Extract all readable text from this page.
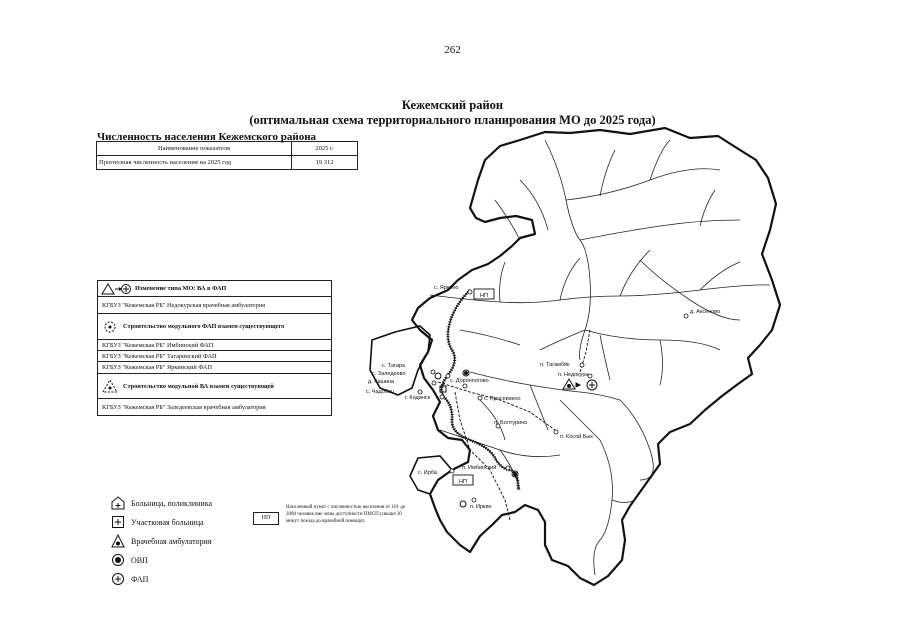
262
Кежемский район
(оптимальная схема территориального планирования МО до 2025 года)
Численность населения Кежемского района
Наименование показателя	2025 г.
Прогнозная численность населения на 2025 год	19 312
Изменение типа МО: ВА в ФАП
КГБУЗ "Кежемская РБ" Недокурская врачебная амбулатория
Строительство модульного ФАП взамен существующего
КГБУЗ "Кежемская РБ" Имбинский ФАП
КГБУЗ "Кежемская РБ" Тагаринский ФАП
КГБУЗ "Кежемская РБ" Яркинский ФАП
Строительство модульной ВА взамен существующей
КГБУЗ "Кежемская РБ" Заледеевская врачебная амбулатория
Больница, поликлиника
Участковая больница
Врачебная амбулатория
ОВП
ФАП
НП
Населенный пункт с численностью населения от 101 до 2000 человек вне зоны доступности ПМСП (свыше 30 минут поезда до врачебной помощи)
НП
НП
с. Яркино
д. Аксеново
п. Тагамбйк
п. Недокура
с. Тагара
с. Заледеево
д. Кашина	с. Доронпогово
с. Чадобец
г. Кодинск	с. Проспихино
п. Болтурино
п. Косой Бык
п. Имбинский
с. Ирба
п. Иркин
